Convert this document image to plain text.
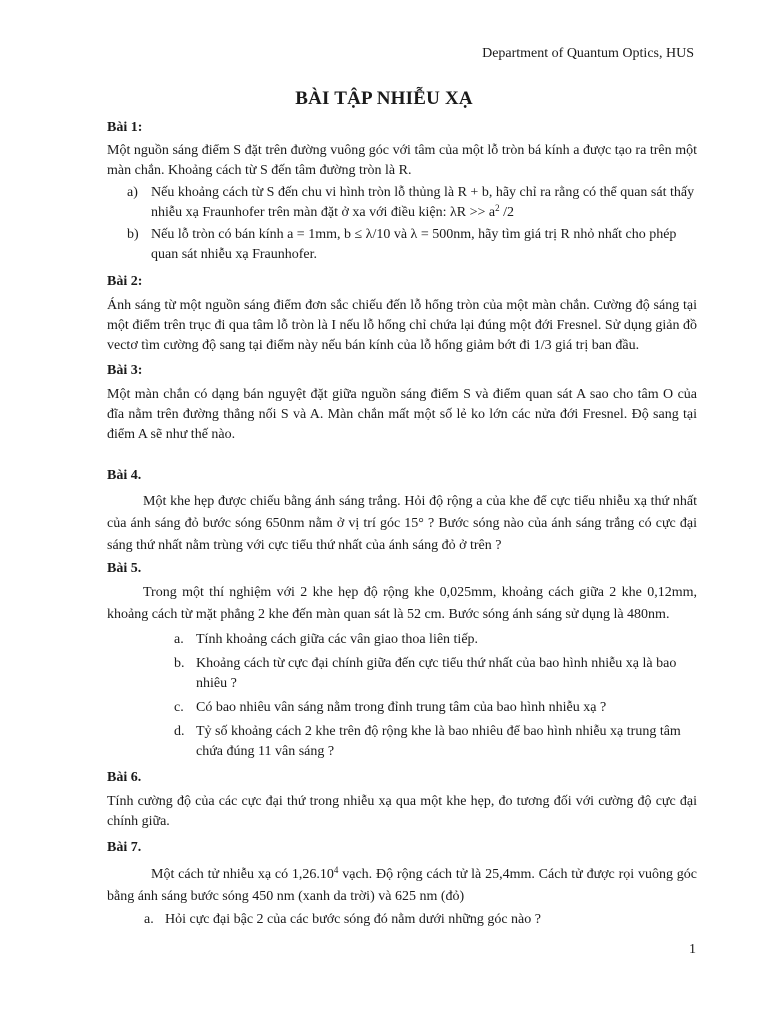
Department of Quantum Optics, HUS
BÀI TẬP NHIỄU XẠ
Bài 1:

Một nguồn sáng điểm S đặt trên đường vuông góc với tâm của một lỗ tròn bá kính a được tạo ra trên một màn chắn. Khoảng cách từ S đến tâm đường tròn là R.

a) Nếu khoảng cách từ S đến chu vi hình tròn lỗ thủng là R + b, hãy chỉ ra rằng có thể quan sát thấy nhiễu xạ Fraunhofer trên màn đặt ở xa với điều kiện: $\lambda R >> a^2$ /2
b) Nếu lỗ tròn có bán kính a = 1mm, b ≤ λ/10 và λ = 500nm, hãy tìm giá trị R nhỏ nhất cho phép quan sát nhiễu xạ Fraunhofer.
Bài 2:

Ánh sáng từ một nguồn sáng điểm đơn sắc chiếu đến lỗ hổng tròn của một màn chắn. Cường độ sáng tại một điểm trên trục đi qua tâm lỗ tròn là I nếu lỗ hổng chỉ chứa lại đúng một đới Fresnel. Sử dụng giản đồ vectơ tìm cường độ sang tại điểm này nếu bán kính của lỗ hổng giảm bớt đi 1/3 giá trị ban đầu.

Bài 3:

Một màn chắn có dạng bán nguyệt đặt giữa nguồn sáng điểm S và điểm quan sát A sao cho tâm O của đĩa nằm trên đường thẳng nối S và A. Màn chắn mất một số lẻ ko lớn các nửa đới Fresnel. Độ sang tại điểm A sẽ như thế nào.

Bài 4.

Một khe hẹp được chiếu bằng ánh sáng trắng. Hỏi độ rộng a của khe để cực tiểu nhiễu xạ thứ nhất của ánh sáng đỏ bước sóng 650nm nằm ở vị trí góc 15° ? Bước sóng nào của ánh sáng trắng có cực đại sáng thứ nhất nằm trùng với cực tiểu thứ nhất của ánh sáng đỏ ở trên ?

Bài 5.

Trong một thí nghiệm với 2 khe hẹp độ rộng khe 0,025mm, khoảng cách giữa 2 khe 0,12mm, khoảng cách từ mặt phẳng 2 khe đến màn quan sát là 52 cm. Bước sóng ánh sáng sử dụng là 480nm.

a. Tính khoảng cách giữa các vân giao thoa liên tiếp.
b. Khoảng cách từ cực đại chính giữa đến cực tiểu thứ nhất của bao hình nhiễu xạ là bao nhiêu ?
c. Có bao nhiêu vân sáng nằm trong đỉnh trung tâm của bao hình nhiễu xạ ?
d. Tỷ số khoảng cách 2 khe trên độ rộng khe là bao nhiêu để bao hình nhiễu xạ trung tâm chứa đúng 11 vân sáng ?
Bài 6.

Tính cường độ của các cực đại thứ trong nhiễu xạ qua một khe hẹp, đo tương đối với cường độ cực đại chính giữa.

Bài 7.

Một cách tử nhiễu xạ có 1,26.10$^4$ vạch. Độ rộng cách tử là 25,4mm. Cách tử được rọi vuông góc bằng ánh sáng bước sóng 450 nm (xanh da trời) và 625 nm (đỏ)

a. Hỏi cực đại bậc 2 của các bước sóng đó nằm dưới những góc nào ?
1
